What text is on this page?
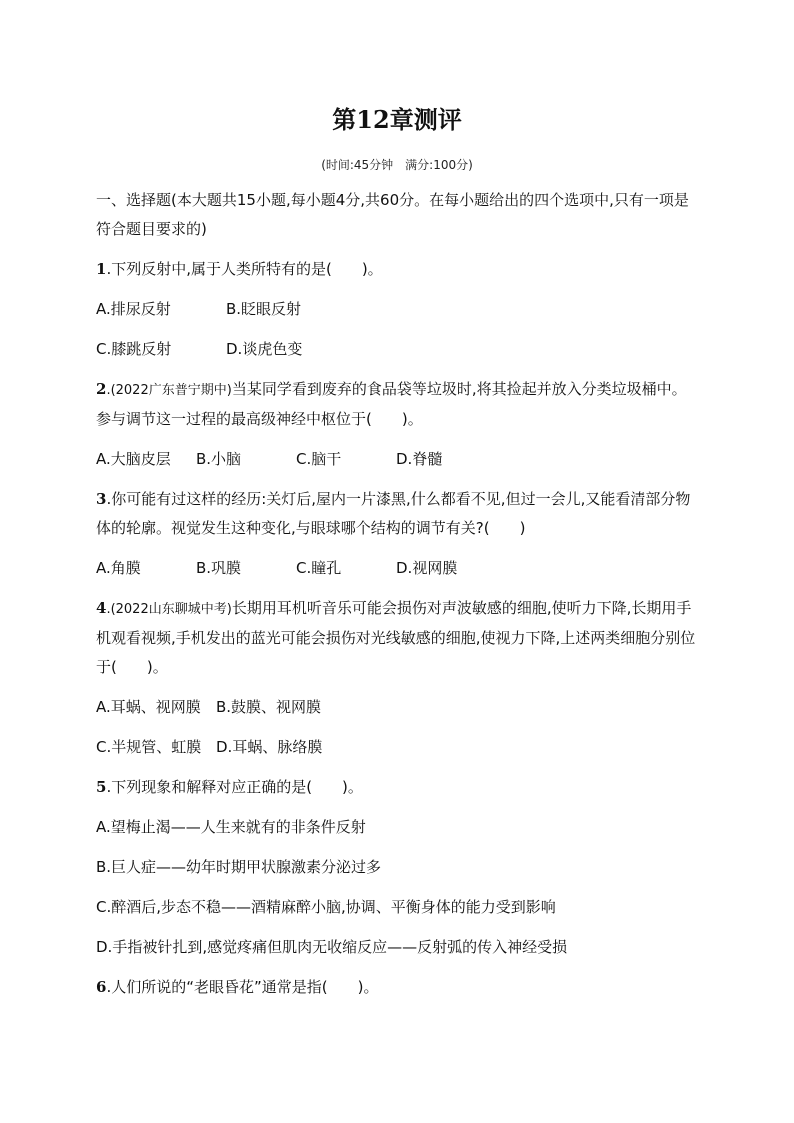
第12章测评
(时间:45分钟　满分:100分)
一、选择题(本大题共15小题,每小题4分,共60分。在每小题给出的四个选项中,只有一项是符合题目要求的)
1.下列反射中,属于人类所特有的是(　　)。
A.排尿反射	B.眨眼反射
C.膝跳反射	D.谈虎色变
2.(2022广东普宁期中)当某同学看到废弃的食品袋等垃圾时,将其捡起并放入分类垃圾桶中。参与调节这一过程的最高级神经中枢位于(　　)。
A.大脑皮层	B.小脑	C.脑干	D.脊髓
3.你可能有过这样的经历:关灯后,屋内一片漆黑,什么都看不见,但过一会儿,又能看清部分物体的轮廓。视觉发生这种变化,与眼球哪个结构的调节有关?(　　)
A.角膜	B.巩膜	C.瞳孔	D.视网膜
4.(2022山东聊城中考)长期用耳机听音乐可能会损伤对声波敏感的细胞,使听力下降,长期用手机观看视频,手机发出的蓝光可能会损伤对光线敏感的细胞,使视力下降,上述两类细胞分别位于(　　)。
A.耳蜗、视网膜	B.鼓膜、视网膜
C.半规管、虹膜 D.耳蜗、脉络膜
5.下列现象和解释对应正确的是(　　)。
A.望梅止渴——人生来就有的非条件反射
B.巨人症——幼年时期甲状腺激素分泌过多
C.醉酒后,步态不稳——酒精麻醉小脑,协调、平衡身体的能力受到影响
D.手指被针扎到,感觉疼痛但肌肉无收缩反应——反射弧的传入神经受损
6.人们所说的“老眼昏花”通常是指(　　)。
